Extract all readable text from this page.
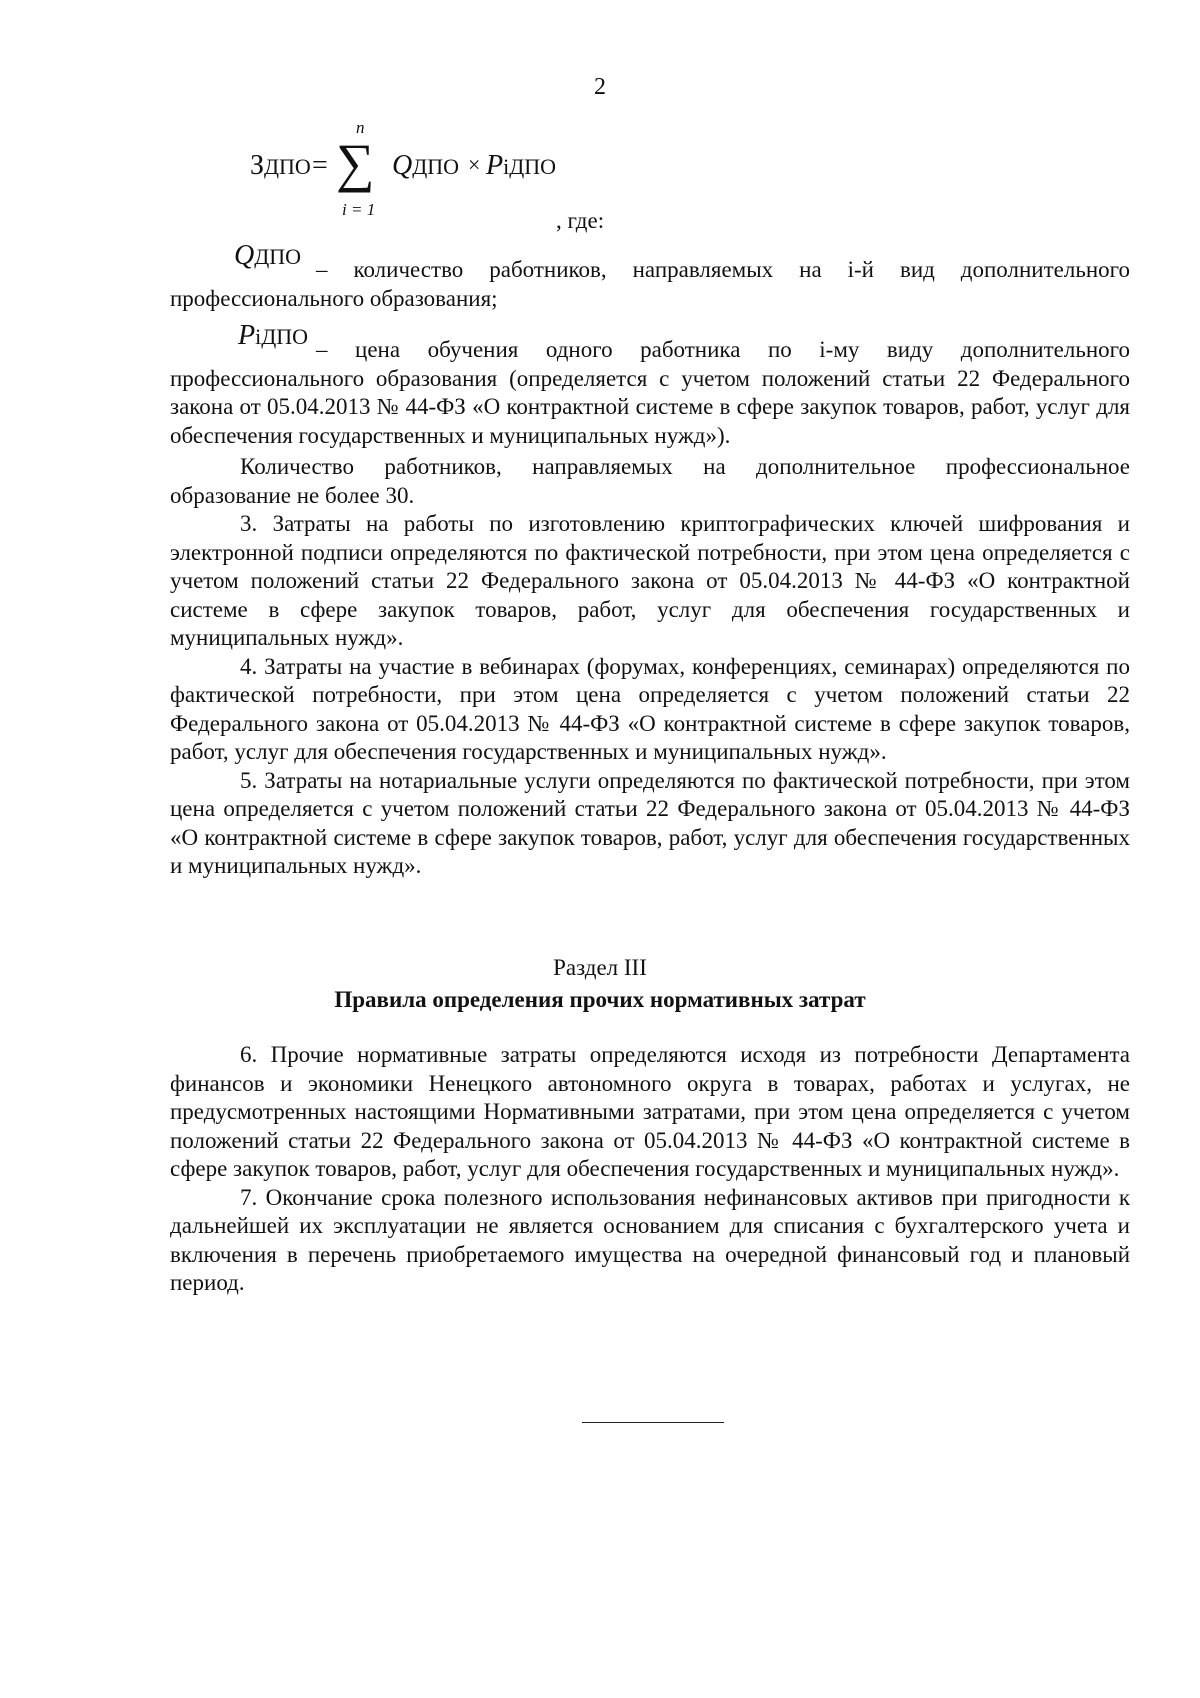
2
ЗДПО =
n
∑
i = 1
QДПО × PiДПО
, где:
QДПО
– количество работников, направляемых на i-й вид дополнительного профессионального образования;
PiДПО
– цена обучения одного работника по i-му виду дополнительного профессионального образования (определяется с учетом положений статьи 22 Федерального закона от 05.04.2013 № 44-ФЗ «О контрактной системе в сфере закупок товаров, работ, услуг для обеспечения государственных и муниципальных нужд»).

Количество работников, направляемых на дополнительное профессиональное образование не более 30.

3. Затраты на работы по изготовлению криптографических ключей шифрования и электронной подписи определяются по фактической потребности, при этом цена определяется с учетом положений статьи 22 Федерального закона от 05.04.2013 № 44-ФЗ «О контрактной системе в сфере закупок товаров, работ, услуг для обеспечения государственных и муниципальных нужд».

4. Затраты на участие в вебинарах (форумах, конференциях, семинарах) определяются по фактической потребности, при этом цена определяется с учетом положений статьи 22 Федерального закона от 05.04.2013 № 44-ФЗ «О контрактной системе в сфере закупок товаров, работ, услуг для обеспечения государственных и муниципальных нужд».

5. Затраты на нотариальные услуги определяются по фактической потребности, при этом цена определяется с учетом положений статьи 22 Федерального закона от 05.04.2013 № 44-ФЗ «О контрактной системе в сфере закупок товаров, работ, услуг для обеспечения государственных и муниципальных нужд».

Раздел III
Правила определения прочих нормативных затрат

6. Прочие нормативные затраты определяются исходя из потребности Департамента финансов и экономики Ненецкого автономного округа в товарах, работах и услугах, не предусмотренных настоящими Нормативными затратами, при этом цена определяется с учетом положений статьи 22 Федерального закона от 05.04.2013 № 44-ФЗ «О контрактной системе в сфере закупок товаров, работ, услуг для обеспечения государственных и муниципальных нужд».

7. Окончание срока полезного использования нефинансовых активов при пригодности к дальнейшей их эксплуатации не является основанием для списания с бухгалтерского учета и включения в перечень приобретаемого имущества на очередной финансовый год и плановый период.
